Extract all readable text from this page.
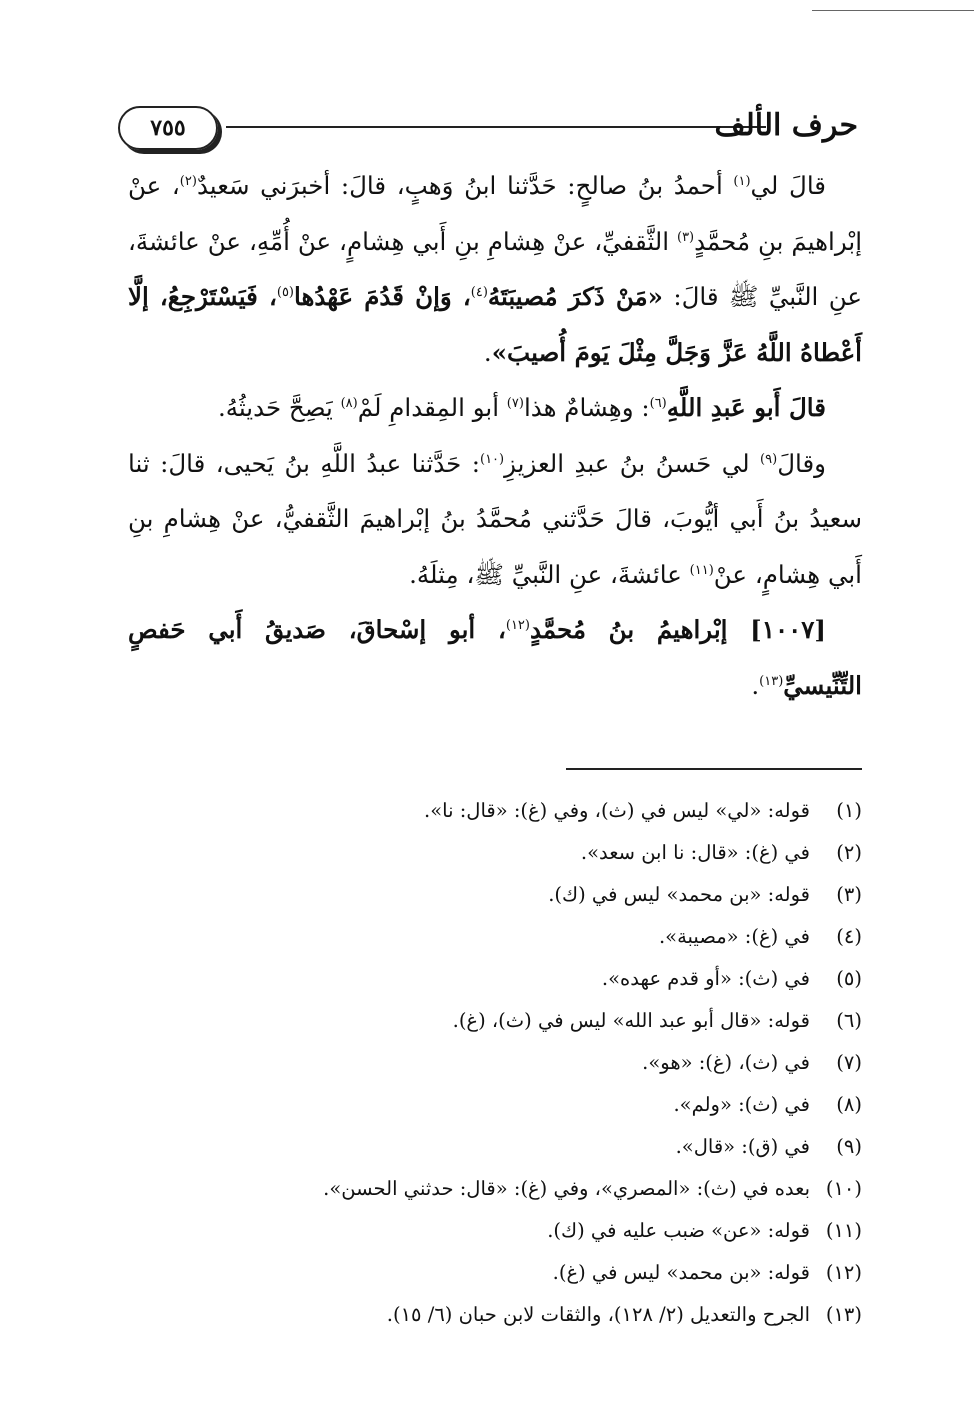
٧٥٥	حرف الألف

قالَ لي$^{(١)}$ أحمدُ بنُ صالحٍ: حَدَّثنا ابنُ وَهبٍ، قالَ: أخبرَني سَعيدٌ$^{(٢)}$، عنْ إبْراهيمَ بنِ مُحمَّدٍ$^{(٣)}$ الثَّقفيِّ، عنْ هِشامِ بنِ أَبي هِشامٍ، عنْ أُمِّهِ، عنْ عائشةَ، عنِ النَّبيِّ ﷺ قالَ: «مَنْ ذَكرَ مُصيبَتَهُ$^{(٤)}$، وَإنْ قَدُمَ عَهْدُها$^{(٥)}$، فَيَسْتَرْجِعُ، إلَّا أَعْطاهُ اللَّهُ عَزَّ وَجَلَّ مِثْلَ يَومَ أُصيبَ».

قالَ أَبو عَبدِ اللَّهِ$^{(٦)}$: وهِشامٌ هذا$^{(٧)}$ أبو المِقدامِ لَمْ$^{(٨)}$ يَصِحَّ حَديثُهُ.

وقالَ$^{(٩)}$ لي حَسنُ بنُ عبدِ العزيزِ$^{(١٠)}$: حَدَّثنا عبدُ اللَّهِ بنُ يَحيى، قالَ: ثنا سعيدُ بنُ أَبي أيُّوبَ، قالَ حَدَّثني مُحمَّدُ بنُ إبْراهيمَ الثَّقفيُّ، عنْ هِشامِ بنِ أَبي هِشامٍ، عنْ$^{(١١)}$ عائشةَ، عنِ النَّبيِّ ﷺ، مِثلَهُ.

[١٠٠٧] إبْراهيمُ بنُ مُحمَّدٍ$^{(١٢)}$، أبو إسْحاقَ، صَديقُ أَبي حَفصٍ التِّنِّيسيِّ$^{(١٣)}$.

(١)قوله: «لي» ليس في (ث)، وفي (غ): «قال: نا».
(٢)في (غ): «قال: نا ابن سعد».
(٣)قوله: «بن محمد» ليس في (ك).
(٤)في (غ): «مصيبة».
(٥)في (ث): «أو قدم عهده».
(٦)قوله: «قال أبو عبد الله» ليس في (ث)، (غ).
(٧)في (ث)، (غ): «هو».
(٨)في (ث): «ولم».
(٩)في (ق): «قال».
(١٠)بعده في (ث): «المصري»، وفي (غ): «قال: حدثني الحسن».
(١١)قوله: «عن» ضبب عليه في (ك).
(١٢)قوله: «بن محمد» ليس في (غ).
(١٣)الجرح والتعديل (٢/ ١٢٨)، والثقات لابن حبان (٦/ ١٥).
